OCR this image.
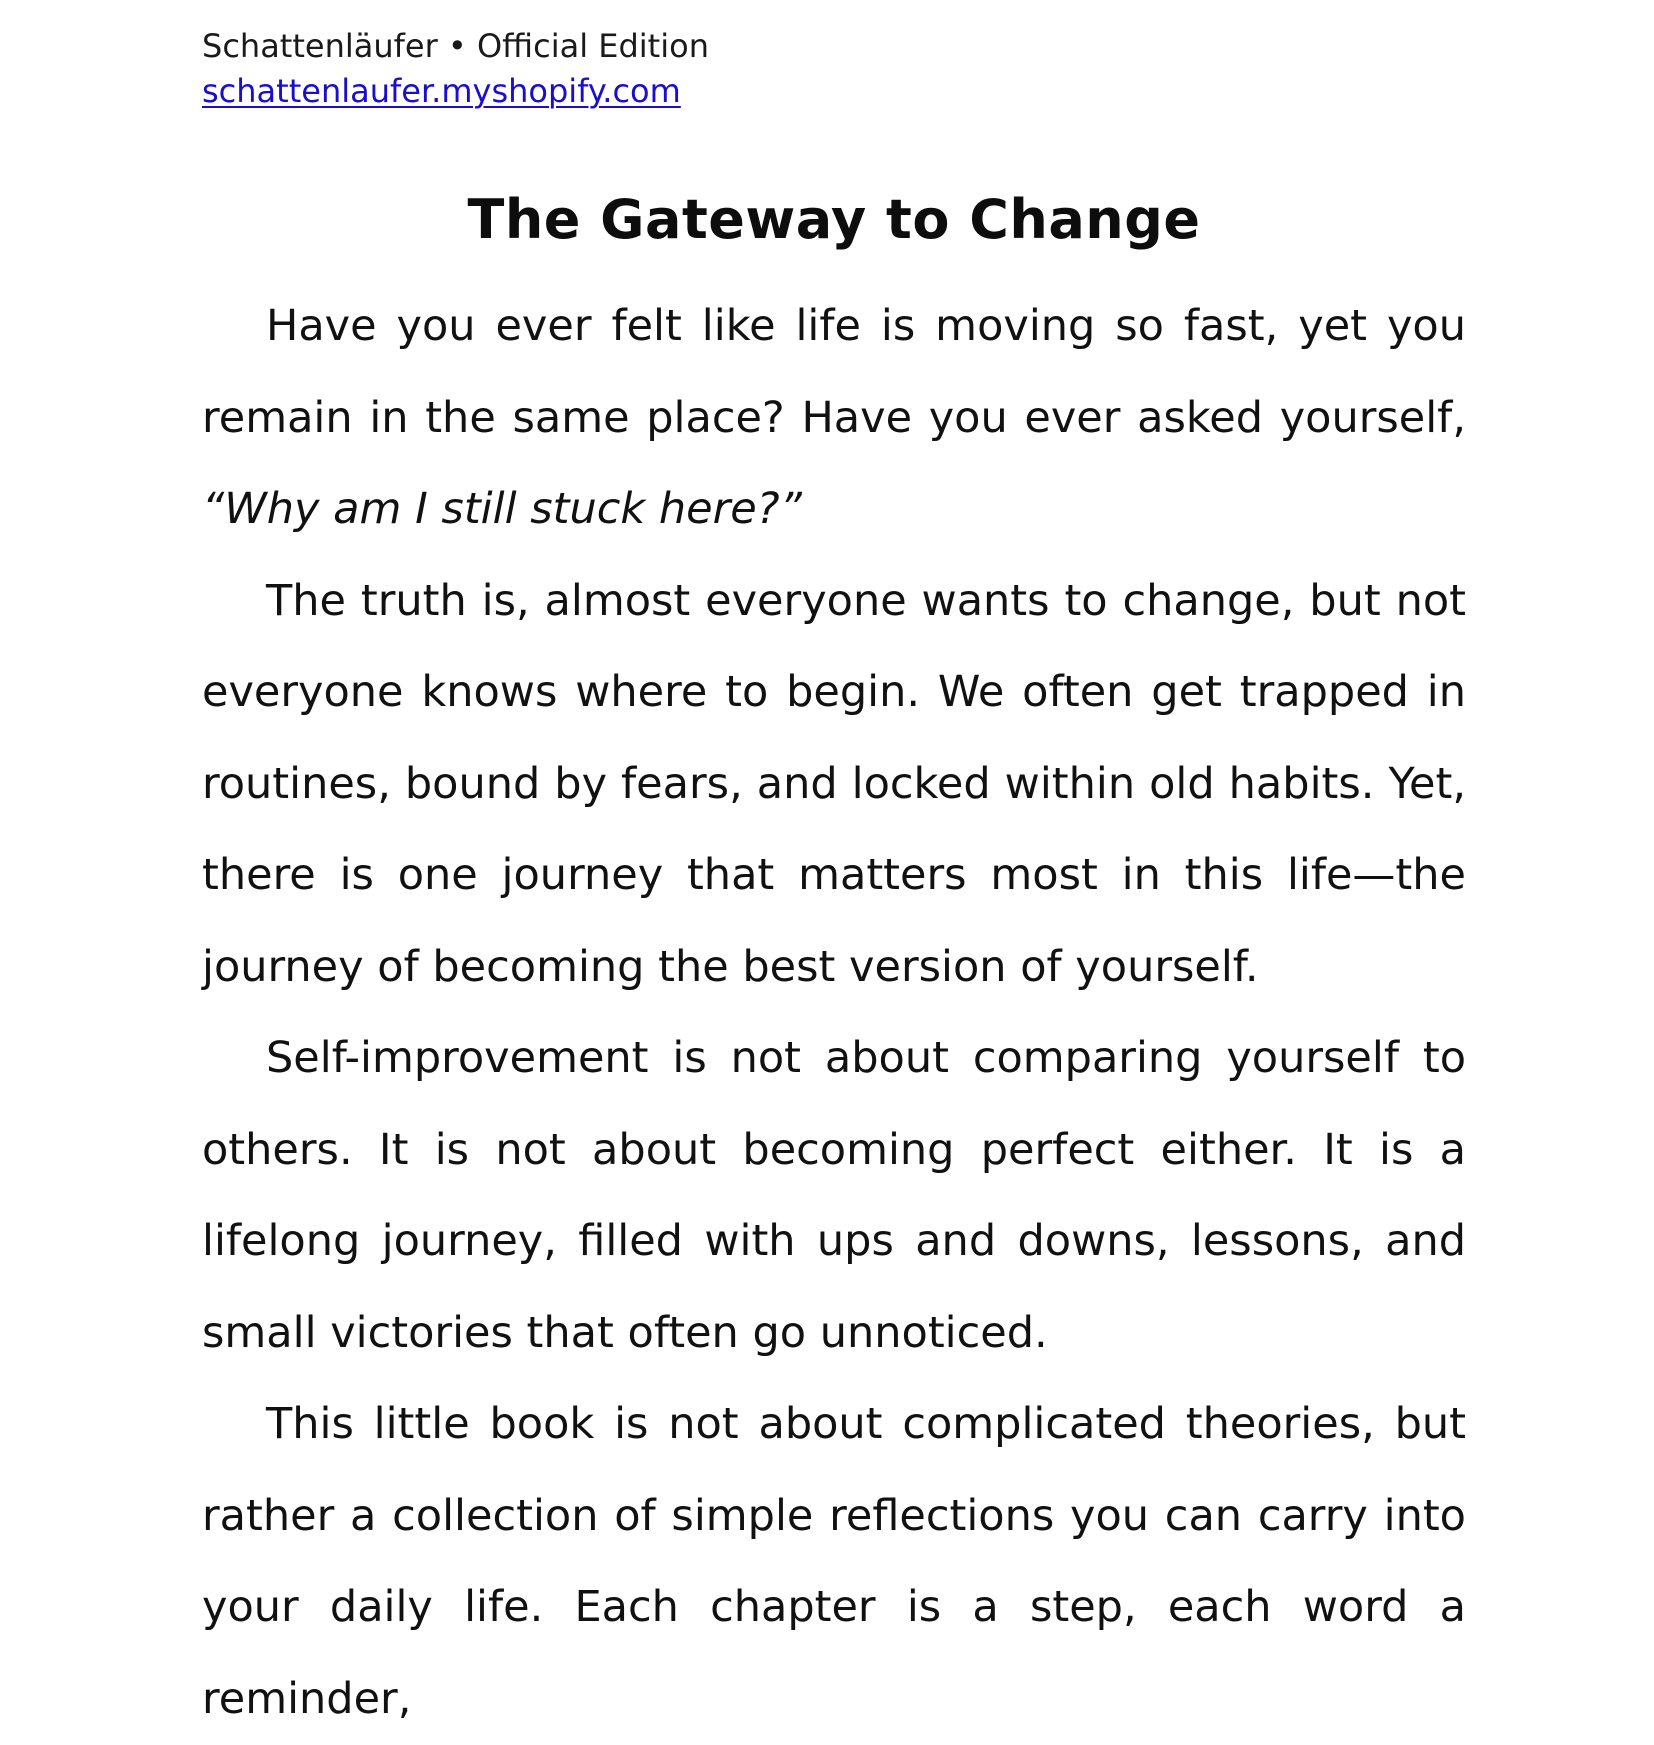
Schattenläufer • Official Edition
schattenlaufer.myshopify.com
The Gateway to Change

Have you ever felt like life is moving so fast, yet you remain in the same place? Have you ever asked yourself, “Why am I still stuck here?”

The truth is, almost everyone wants to change, but not everyone knows where to begin. We often get trapped in routines, bound by fears, and locked within old habits. Yet, there is one journey that matters most in this life—the journey of becoming the best version of yourself.

Self-improvement is not about comparing yourself to others. It is not about becoming perfect either. It is a lifelong journey, filled with ups and downs, lessons, and small victories that often go unnoticed.

This little book is not about complicated theories, but rather a collection of simple reflections you can carry into your daily life. Each chapter is a step, each word a reminder,
